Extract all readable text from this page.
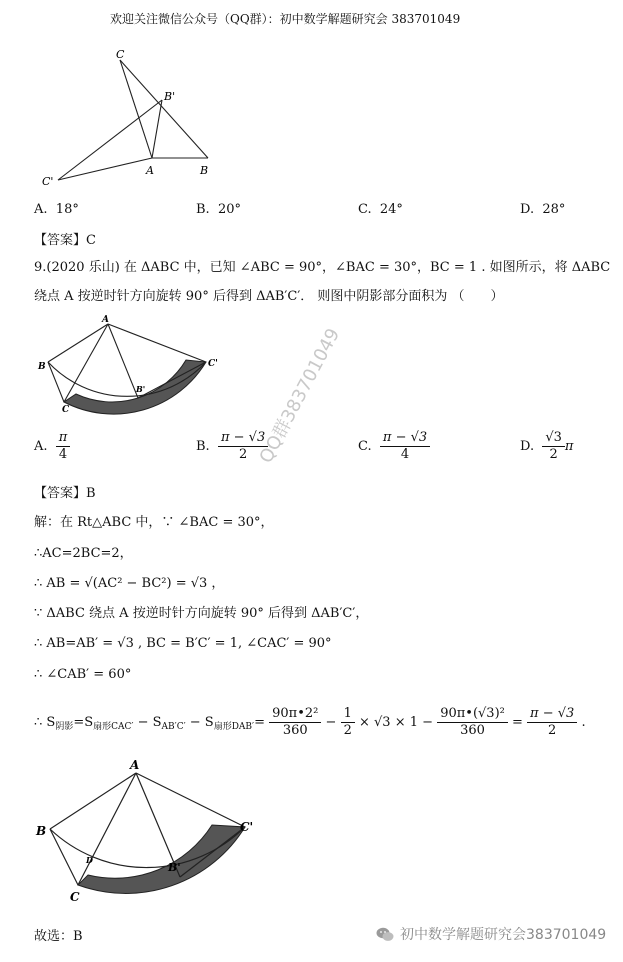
欢迎关注微信公众号（QQ群）：初中数学解题研究会 383701049
C
B'
C'
A	B
A. 18°	B. 20°	C. 24°	D. 28°
【答案】C
9.(2020 乐山) 在 ΔABC 中，已知 ∠ABC = 90°，∠BAC = 30°，BC = 1 . 如图所示，将 ΔABC
绕点 A 按逆时针方向旋转 90° 后得到 ΔAB′C′． 则图中阴影部分面积为 （　　）
A
B	C'
B'
C
A. $\frac{\pi}{4}$	B. $\frac{\pi - √3}{2}$	C. $\frac{\pi - √3}{4}$	D. $\frac{√3}{2}$ π
【答案】B
QQ群383701049
解：在 Rt△ABC 中，∵ ∠BAC = 30°，
∴AC=2BC=2，
∴ AB = √(AC² − BC²) = √3 ，
∵ ΔABC 绕点 A 按逆时针方向旋转 90° 后得到 ΔAB′C′，
∴ AB=AB′ = √3 , BC = B′C′ = 1, ∠CAC′ = 90°
∴ ∠CAB′ = 60°
∴ $S_{阴影}=S_{扇形CAC'} - S_{AB'C'} - S_{扇形DAB'}= \frac{\text{90π•2²}}{360} - \frac{1}{2} \times √3 \times 1 - \frac{\text{90π•(√3)²}}{360} = \frac{\pi - √3}{2}$ .
A
B	C'
D
B'
C
故选：B	初中数学解题研究会383701049
